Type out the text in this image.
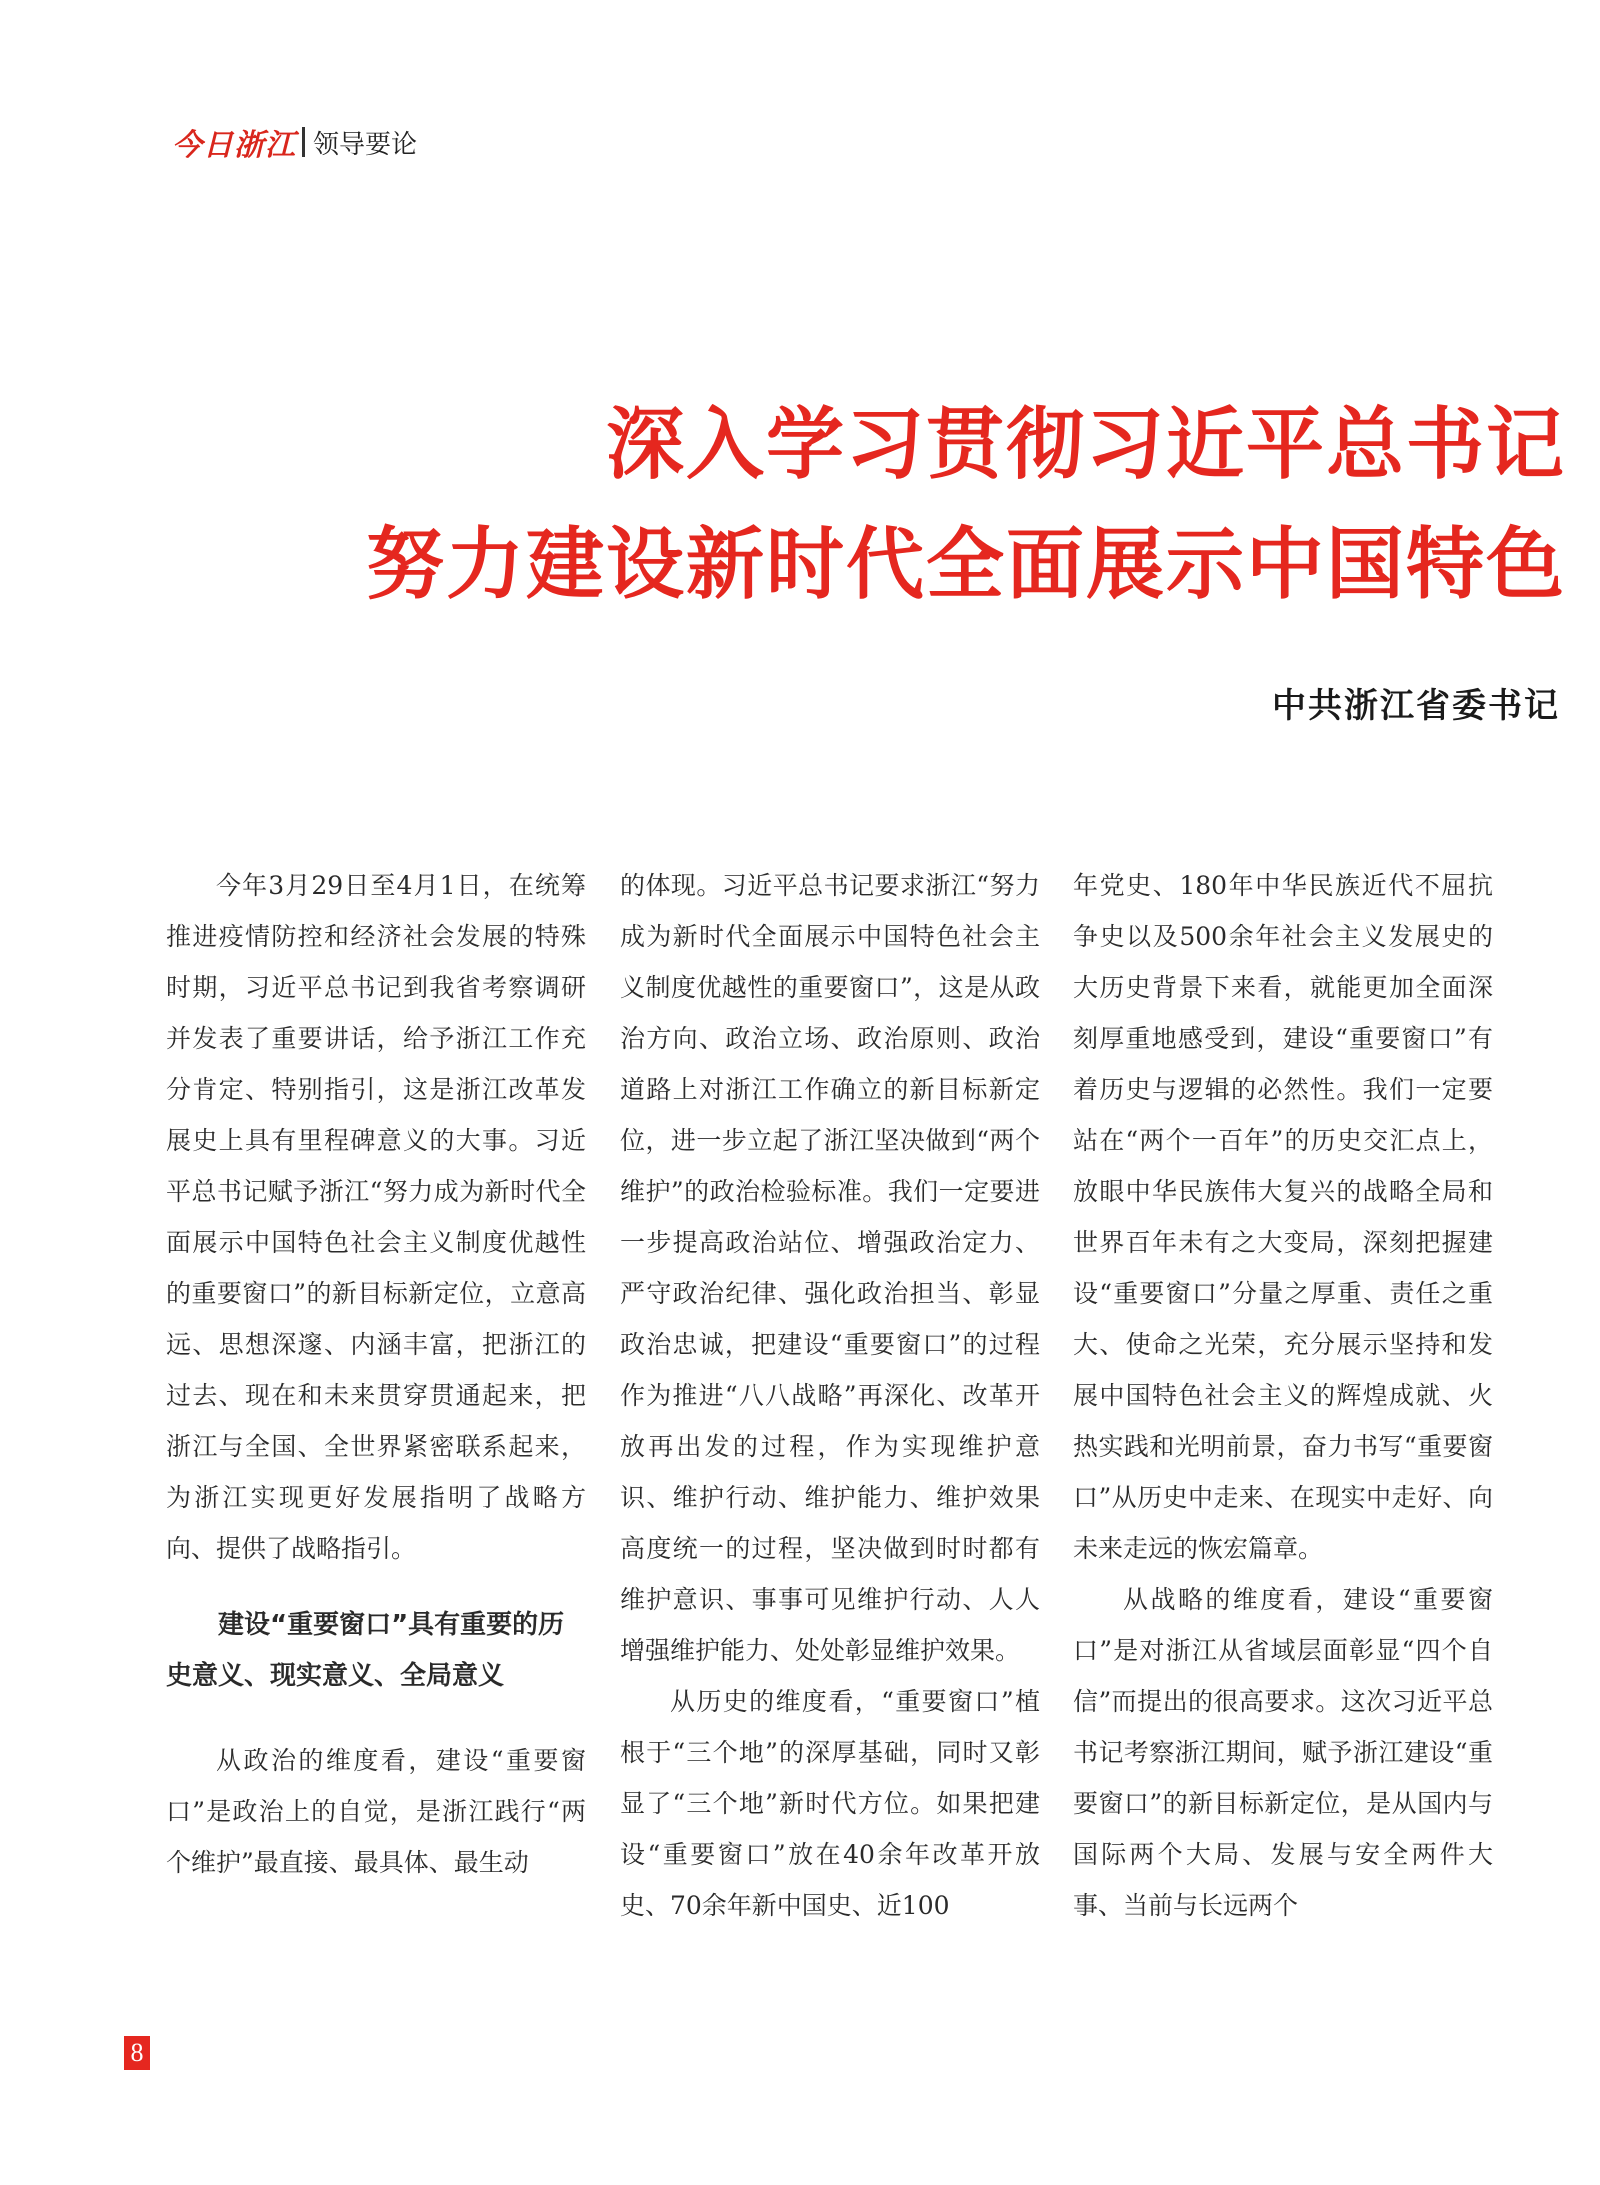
今日浙江 领导要论
深入学习贯彻习近平总书记
努力建设新时代全面展示中国特色
中共浙江省委书记

今年3月29日至4月1日，在统筹推进疫情防控和经济社会发展的特殊时期，习近平总书记到我省考察调研并发表了重要讲话，给予浙江工作充分肯定、特别指引，这是浙江改革发展史上具有里程碑意义的大事。习近平总书记赋予浙江“努力成为新时代全面展示中国特色社会主义制度优越性的重要窗口”的新目标新定位，立意高远、思想深邃、内涵丰富，把浙江的过去、现在和未来贯穿贯通起来，把浙江与全国、全世界紧密联系起来，为浙江实现更好发展指明了战略方向、提供了战略指引。

建设“重要窗口”具有重要的历史意义、现实意义、全局意义

从政治的维度看，建设“重要窗口”是政治上的自觉，是浙江践行“两个维护”最直接、最具体、最生动

的体现。习近平总书记要求浙江“努力成为新时代全面展示中国特色社会主义制度优越性的重要窗口”，这是从政治方向、政治立场、政治原则、政治道路上对浙江工作确立的新目标新定位，进一步立起了浙江坚决做到“两个维护”的政治检验标准。我们一定要进一步提高政治站位、增强政治定力、严守政治纪律、强化政治担当、彰显政治忠诚，把建设“重要窗口”的过程作为推进“八八战略”再深化、改革开放再出发的过程，作为实现维护意识、维护行动、维护能力、维护效果高度统一的过程，坚决做到时时都有维护意识、事事可见维护行动、人人增强维护能力、处处彰显维护效果。

从历史的维度看，“重要窗口”植根于“三个地”的深厚基础，同时又彰显了“三个地”新时代方位。如果把建设“重要窗口”放在40余年改革开放史、70余年新中国史、近100

年党史、180年中华民族近代不屈抗争史以及500余年社会主义发展史的大历史背景下来看，就能更加全面深刻厚重地感受到，建设“重要窗口”有着历史与逻辑的必然性。我们一定要站在“两个一百年”的历史交汇点上，放眼中华民族伟大复兴的战略全局和世界百年未有之大变局，深刻把握建设“重要窗口”分量之厚重、责任之重大、使命之光荣，充分展示坚持和发展中国特色社会主义的辉煌成就、火热实践和光明前景，奋力书写“重要窗口”从历史中走来、在现实中走好、向未来走远的恢宏篇章。

从战略的维度看，建设“重要窗口”是对浙江从省域层面彰显“四个自信”而提出的很高要求。这次习近平总书记考察浙江期间，赋予浙江建设“重要窗口”的新目标新定位，是从国内与国际两个大局、发展与安全两件大事、当前与长远两个

8
